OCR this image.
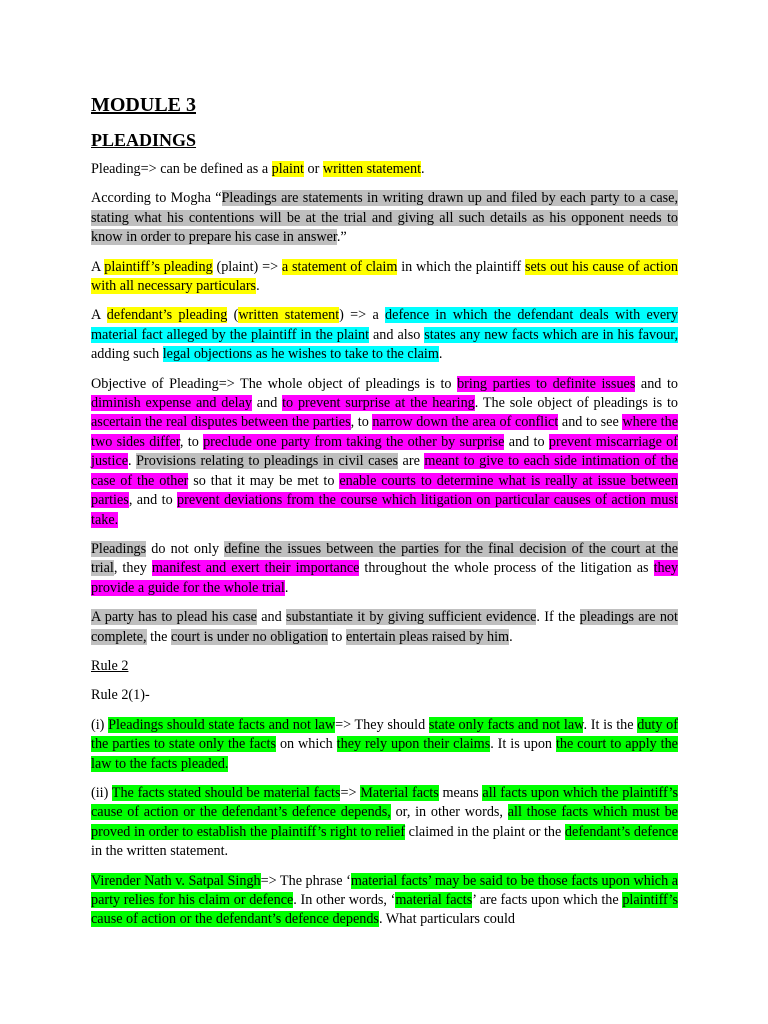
MODULE 3
PLEADINGS

Pleading=> can be defined as a plaint or written statement.

According to Mogha “Pleadings are statements in writing drawn up and filed by each party to a case, stating what his contentions will be at the trial and giving all such details as his opponent needs to know in order to prepare his case in answer.”

A plaintiff’s pleading (plaint) => a statement of claim in which the plaintiff sets out his cause of action with all necessary particulars.

A defendant’s pleading (written statement) => a defence in which the defendant deals with every material fact alleged by the plaintiff in the plaint and also states any new facts which are in his favour, adding such legal objections as he wishes to take to the claim.

Objective of Pleading=> The whole object of pleadings is to bring parties to definite issues and to diminish expense and delay and to prevent surprise at the hearing. The sole object of pleadings is to ascertain the real disputes between the parties, to narrow down the area of conflict and to see where the two sides differ, to preclude one party from taking the other by surprise and to prevent miscarriage of justice. Provisions relating to pleadings in civil cases are meant to give to each side intimation of the case of the other so that it may be met to enable courts to determine what is really at issue between parties, and to prevent deviations from the course which litigation on particular causes of action must take.

Pleadings do not only define the issues between the parties for the final decision of the court at the trial, they manifest and exert their importance throughout the whole process of the litigation as they provide a guide for the whole trial.

A party has to plead his case and substantiate it by giving sufficient evidence. If the pleadings are not complete, the court is under no obligation to entertain pleas raised by him.

Rule 2

Rule 2(1)-

(i) Pleadings should state facts and not law=> They should state only facts and not law. It is the duty of the parties to state only the facts on which they rely upon their claims. It is upon the court to apply the law to the facts pleaded.

(ii) The facts stated should be material facts=> Material facts means all facts upon which the plaintiff’s cause of action or the defendant’s defence depends, or, in other words, all those facts which must be proved in order to establish the plaintiff’s right to relief claimed in the plaint or the defendant’s defence in the written statement.

Virender Nath v. Satpal Singh=> The phrase ‘material facts’ may be said to be those facts upon which a party relies for his claim or defence. In other words, ‘material facts’ are facts upon which the plaintiff’s cause of action or the defendant’s defence depends. What particulars could
